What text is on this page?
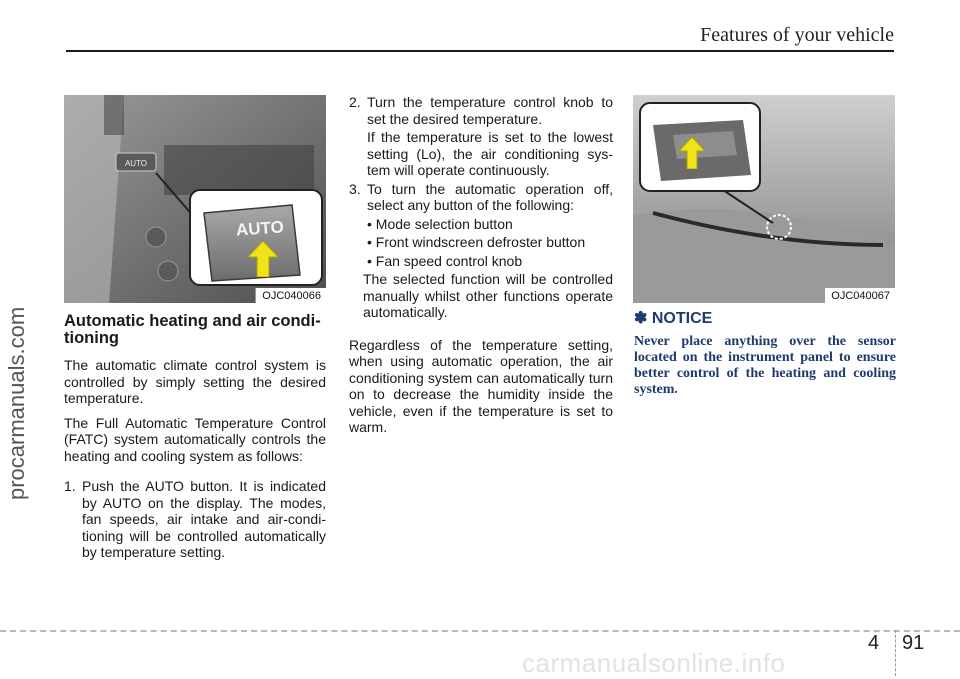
Features of your vehicle
procarmanuals.com
AUTO
AUTO
OJC040066	OJC040067
Automatic heating and air condi-tioning

The automatic climate control system is controlled by simply setting the desired temperature.

The Full Automatic Temperature Control (FATC) system automatically controls the heating and cooling system as follows:

1. Push the AUTO button. It is indicated by AUTO on the display. The modes, fan speeds, air intake and air-condi-tioning will be controlled automatically by temperature setting.
2. Turn the temperature control knob to set the desired temperature.
If the temperature is set to the lowest setting (Lo), the air conditioning sys-tem will operate continuously.
3. To turn the automatic operation off, select any button of the following:
• Mode selection button
• Front windscreen defroster button
• Fan speed control knob
The selected function will be controlled manually whilst other functions operate automatically.

Regardless of the temperature setting, when using automatic operation, the air conditioning system can automatically turn on to decrease the humidity inside the vehicle, even if the temperature is set to warm.

✽ NOTICE
Never place anything over the sensor located on the instrument panel to ensure better control of the heating and cooling system.
4 91
carmanualsonline.info
